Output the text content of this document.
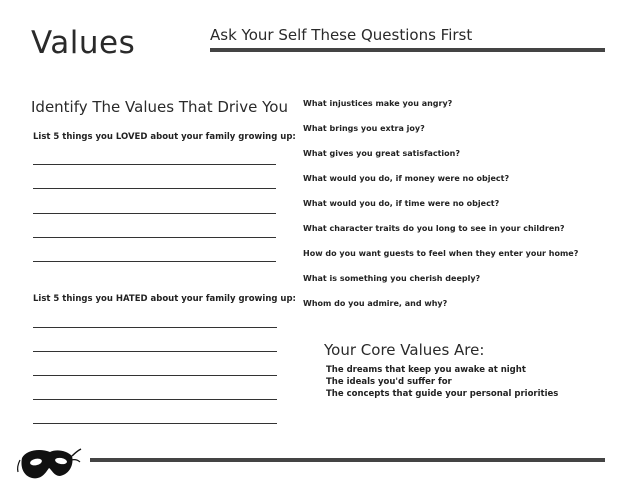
Values	Ask Your Self These Questions First
Identify The Values That Drive You
List 5 things you LOVED about your family growing up:
List 5 things you HATED about your family growing up:
What injustices make you angry?
What brings you extra joy?
What gives you great satisfaction?
What would you do, if money were no object?
What would you do, if time were no object?
What character traits do you long to see in your children?
How do you want guests to feel when they enter your home?
What is something you cherish deeply?
Whom do you admire, and why?
Your Core Values Are:
The dreams that keep you awake at night
The ideals you'd suffer for
The concepts that guide your personal priorities
